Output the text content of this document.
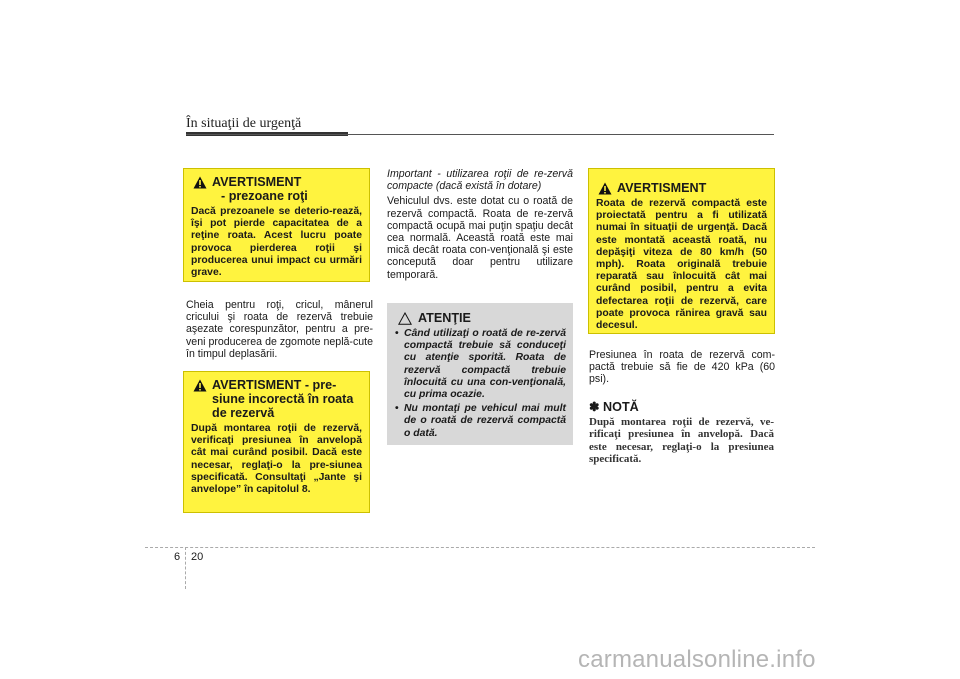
În situaţii de urgenţă
AVERTISMENT
- prezoane roţi
Dacă prezoanele se deterio-rează, îşi pot pierde capacitatea de a reţine roata. Acest lucru poate provoca pierderea roţii şi producerea unui impact cu urmări grave.

Cheia pentru roţi, cricul, mânerul cricului şi roata de rezervă trebuie aşezate corespunzător, pentru a pre-veni producerea de zgomote neplă-cute în timpul deplasării.

AVERTISMENT - pre-
siune incorectă în roata
de rezervă
După montarea roţii de rezervă, verificaţi presiunea în anvelopă cât mai curând posibil. Dacă este necesar, reglaţi-o la pre-siunea specificată. Consultaţi „Jante şi anvelope” în capitolul 8.

Important - utilizarea roţii de re-zervă compacte (dacă există în dotare)

Vehiculul dvs. este dotat cu o roată de rezervă compactă. Roata de re-zervă compactă ocupă mai puţin spaţiu decât cea normală. Această roată este mai mică decât roata con-venţională şi este concepută doar pentru utilizare temporară.

ATENŢIE
• Când utilizaţi o roată de re-zervă compactă trebuie să conduceţi cu atenţie sporită. Roata de rezervă compactă trebuie înlocuită cu una con-venţională, cu prima ocazie.
• Nu montaţi pe vehicul mai mult de o roată de rezervă compactă o dată.
AVERTISMENT
Roata de rezervă compactă este proiectată pentru a fi utilizată numai în situaţii de urgenţă. Dacă este montată această roată, nu depăşiţi viteza de 80 km/h (50 mph). Roata originală trebuie reparată sau înlocuită cât mai curând posibil, pentru a evita defectarea roţii de rezervă, care poate provoca rănirea gravă sau decesul.

Presiunea în roata de rezervă com-pactă trebuie să fie de 420 kPa (60 psi).

✽ NOTĂ
După montarea roţii de rezervă, ve-rificaţi presiunea în anvelopă. Dacă este necesar, reglaţi-o la presiunea specificată.
6 20
carmanualsonline.info
